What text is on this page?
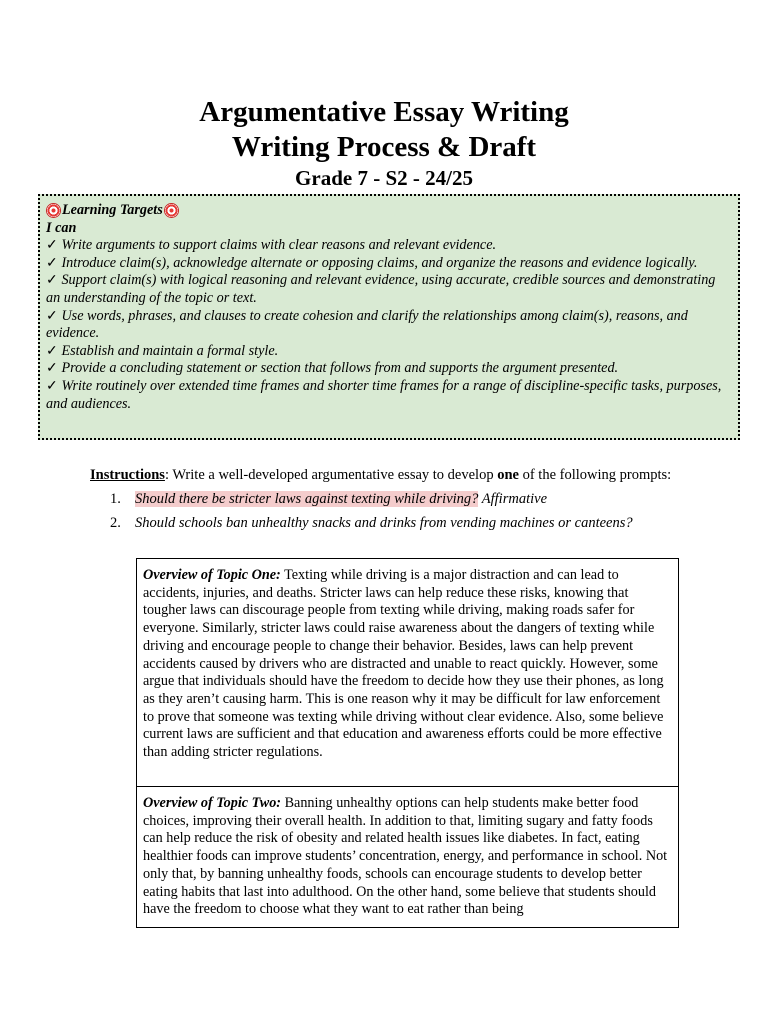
Argumentative Essay Writing
Writing Process & Draft
Grade 7 - S2 - 24/25
Learning Targets
I can
✓ Write arguments to support claims with clear reasons and relevant evidence.
✓ Introduce claim(s), acknowledge alternate or opposing claims, and organize the reasons and evidence logically.
✓ Support claim(s) with logical reasoning and relevant evidence, using accurate, credible sources and demonstrating an understanding of the topic or text.
✓ Use words, phrases, and clauses to create cohesion and clarify the relationships among claim(s), reasons, and evidence.
✓ Establish and maintain a formal style.
✓ Provide a concluding statement or section that follows from and supports the argument presented.
✓ Write routinely over extended time frames and shorter time frames for a range of discipline-specific tasks, purposes, and audiences.
Instructions: Write a well-developed argumentative essay to develop one of the following prompts:
1. Should there be stricter laws against texting while driving? Affirmative
2. Should schools ban unhealthy snacks and drinks from vending machines or canteens?
Overview of Topic One: Texting while driving is a major distraction and can lead to accidents, injuries, and deaths. Stricter laws can help reduce these risks, knowing that tougher laws can discourage people from texting while driving, making roads safer for everyone. Similarly, stricter laws could raise awareness about the dangers of texting while driving and encourage people to change their behavior. Besides, laws can help prevent accidents caused by drivers who are distracted and unable to react quickly. However, some argue that individuals should have the freedom to decide how they use their phones, as long as they aren’t causing harm. This is one reason why it may be difficult for law enforcement to prove that someone was texting while driving without clear evidence. Also, some believe current laws are sufficient and that education and awareness efforts could be more effective than adding stricter regulations.
Overview of Topic Two: Banning unhealthy options can help students make better food choices, improving their overall health. In addition to that, limiting sugary and fatty foods can help reduce the risk of obesity and related health issues like diabetes. In fact, eating healthier foods can improve students’ concentration, energy, and performance in school. Not only that, by banning unhealthy foods, schools can encourage students to develop better eating habits that last into adulthood. On the other hand, some believe that students should have the freedom to choose what they want to eat rather than being
